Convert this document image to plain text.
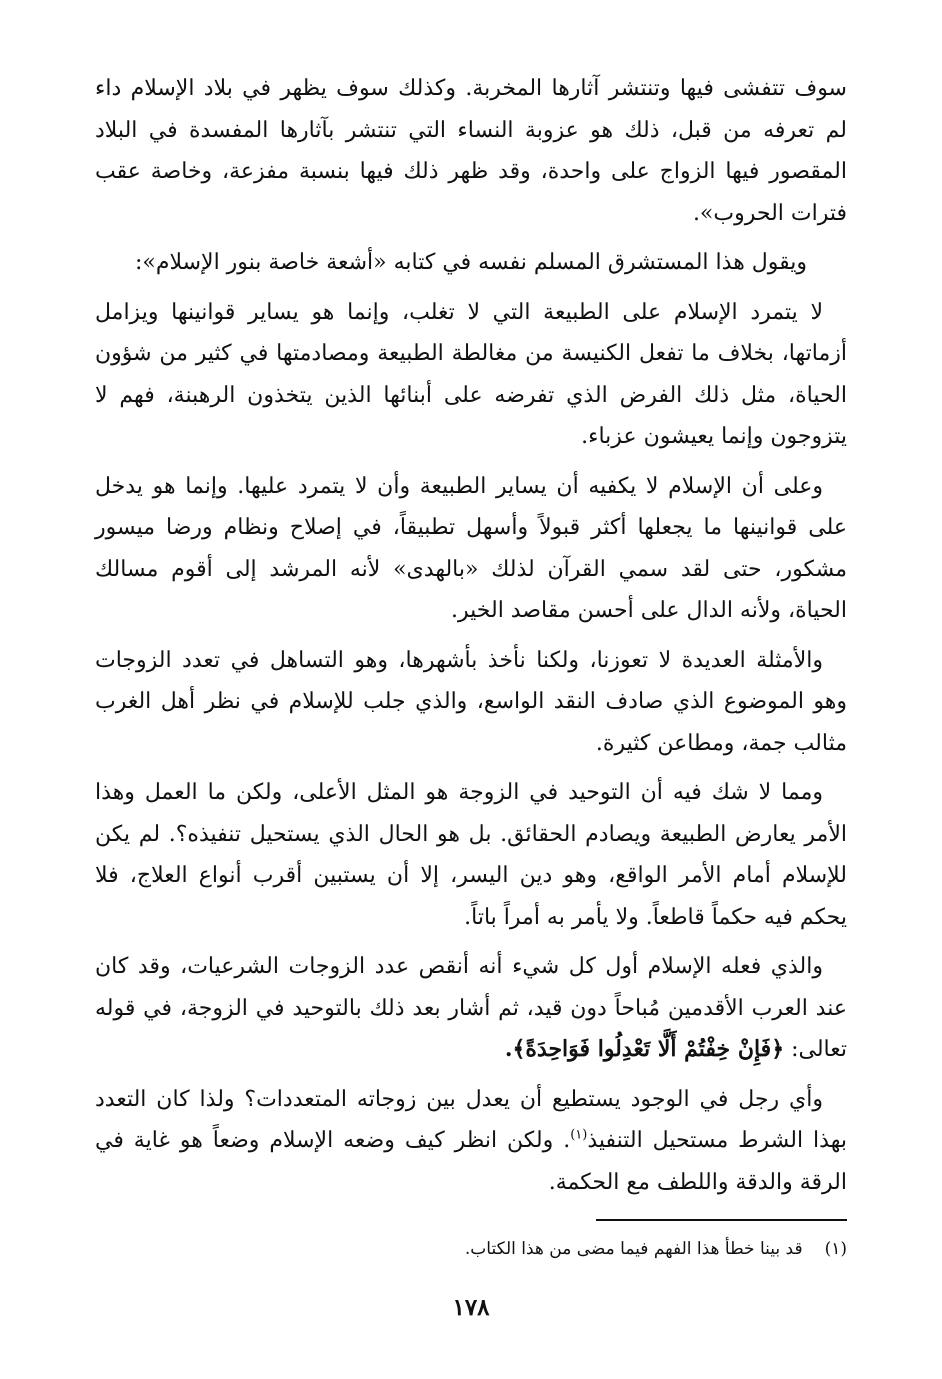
سوف تتفشى فيها وتنتشر آثارها المخربة. وكذلك سوف يظهر في بلاد الإسلام داء لم تعرفه من قبل، ذلك هو عزوبة النساء التي تنتشر بآثارها المفسدة في البلاد المقصور فيها الزواج على واحدة، وقد ظهر ذلك فيها بنسبة مفزعة، وخاصة عقب فترات الحروب».

ويقول هذا المستشرق المسلم نفسه في كتابه «أشعة خاصة بنور الإسلام»:

لا يتمرد الإسلام على الطبيعة التي لا تغلب، وإنما هو يساير قوانينها ويزامل أزماتها، بخلاف ما تفعل الكنيسة من مغالطة الطبيعة ومصادمتها في كثير من شؤون الحياة، مثل ذلك الفرض الذي تفرضه على أبنائها الذين يتخذون الرهبنة، فهم لا يتزوجون وإنما يعيشون عزباء.

وعلى أن الإسلام لا يكفيه أن يساير الطبيعة وأن لا يتمرد عليها. وإنما هو يدخل على قوانينها ما يجعلها أكثر قبولاً وأسهل تطبيقاً، في إصلاح ونظام ورضا ميسور مشكور، حتى لقد سمي القرآن لذلك «بالهدى» لأنه المرشد إلى أقوم مسالك الحياة، ولأنه الدال على أحسن مقاصد الخير.

والأمثلة العديدة لا تعوزنا، ولكنا نأخذ بأشهرها، وهو التساهل في تعدد الزوجات وهو الموضوع الذي صادف النقد الواسع، والذي جلب للإسلام في نظر أهل الغرب مثالب جمة، ومطاعن كثيرة.

ومما لا شك فيه أن التوحيد في الزوجة هو المثل الأعلى، ولكن ما العمل وهذا الأمر يعارض الطبيعة ويصادم الحقائق. بل هو الحال الذي يستحيل تنفيذه؟. لم يكن للإسلام أمام الأمر الواقع، وهو دين اليسر، إلا أن يستبين أقرب أنواع العلاج، فلا يحكم فيه حكماً قاطعاً. ولا يأمر به أمراً باتاً.

والذي فعله الإسلام أول كل شيء أنه أنقص عدد الزوجات الشرعيات، وقد كان عند العرب الأقدمين مُباحاً دون قيد، ثم أشار بعد ذلك بالتوحيد في الزوجة، في قوله تعالى: ﴿فَإِنْ خِفْتُمْ أَلَّا تَعْدِلُوا فَوَاحِدَةً﴾.

وأي رجل في الوجود يستطيع أن يعدل بين زوجاته المتعددات؟ ولذا كان التعدد بهذا الشرط مستحيل التنفيذ$^{(١)}$. ولكن انظر كيف وضعه الإسلام وضعاً هو غاية في الرقة والدقة واللطف مع الحكمة.

(١)قد بينا خطأ هذا الفهم فيما مضى من هذا الكتاب.
١٧٨
